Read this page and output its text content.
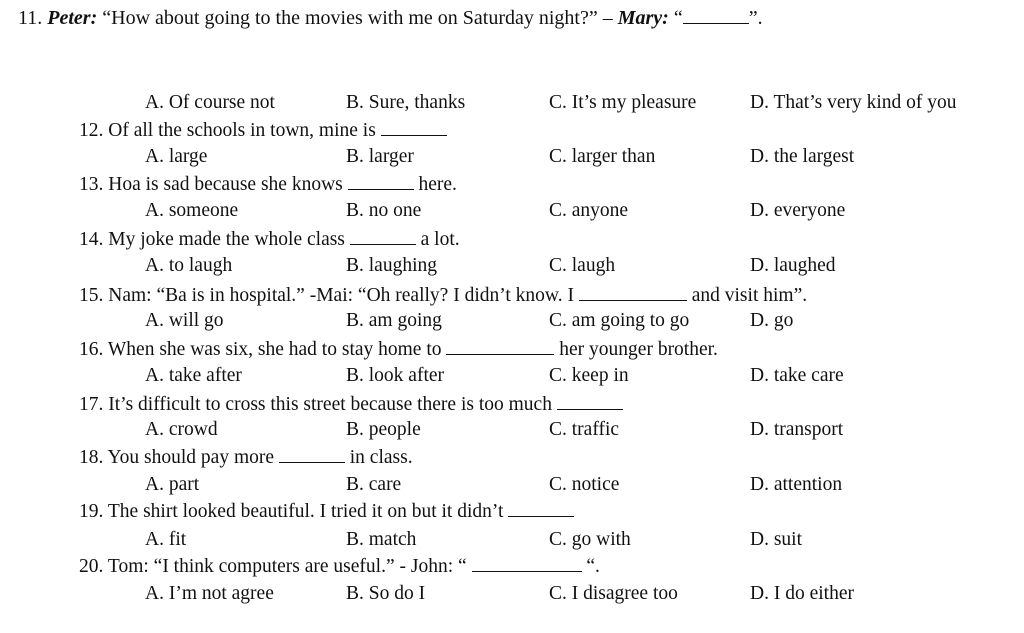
11. Peter: “How about going to the movies with me on Saturday night?” – Mary: “	”.
A. Of course not	B. Sure, thanks	C. It’s my pleasure	D. That’s very kind of you
12. Of all the schools in town, mine is
A. large	B. larger	C. larger than	D. the largest
13. Hoa is sad because she knows	here.
A. someone	B. no one	C. anyone	D. everyone
14. My joke made the whole class	a lot.
A. to laugh	B. laughing	C. laugh	D. laughed
15. Nam: “Ba is in hospital.” -Mai: “Oh really? I didn’t know. I	and visit him”.
A. will go	B. am going	C. am going to go	D. go
16. When she was six, she had to stay home to	her younger brother.
A. take after	B. look after	C. keep in	D. take care
17. It’s difficult to cross this street because there is too much
A. crowd	B. people	C. traffic	D. transport
18. You should pay more	in class.
A. part	B. care	C. notice	D. attention
19. The shirt looked beautiful. I tried it on but it didn’t
A. fit	B. match	C. go with	D. suit
20. Tom: “I think computers are useful.” - John: “	“.
A. I’m not agree	B. So do I	C. I disagree too	D. I do either
